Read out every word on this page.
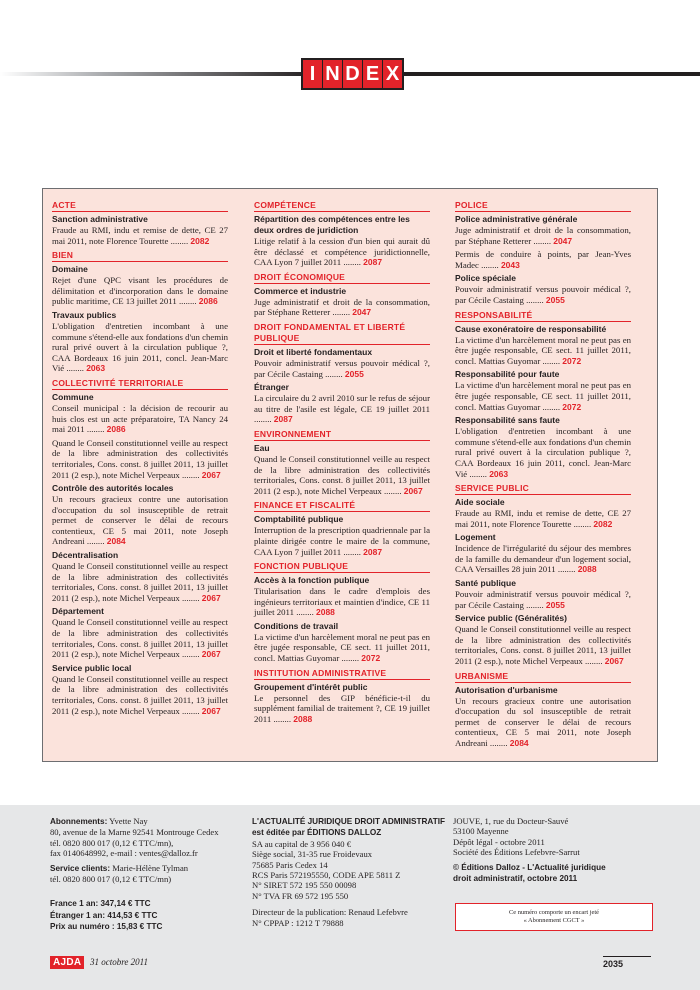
I N D E X
ACTE
Sanction administrative
Fraude au RMI, indu et remise de dette, CE 27 mai 2011, note Florence Tourette ........ 2082
BIEN
Domaine
Rejet d'une QPC visant les procédures de délimitation et d'incorporation dans le domaine public maritime, CE 13 juillet 2011 ........ 2086
Travaux publics
L'obligation d'entretien incombant à une commune s'étend-elle aux fondations d'un chemin rural privé ouvert à la circulation publique ?, CAA Bordeaux 16 juin 2011, concl. Jean-Marc Vié ........ 2063
COLLECTIVITÉ TERRITORIALE
Commune
Conseil municipal : la décision de recourir au huis clos est un acte préparatoire, TA Nancy 24 mai 2011 ........ 2086
Quand le Conseil constitutionnel veille au respect de la libre administration des collectivités territoriales, Cons. const. 8 juillet 2011, 13 juillet 2011 (2 esp.), note Michel Verpeaux ........ 2067
Contrôle des autorités locales
Un recours gracieux contre une autorisation d'occupation du sol insusceptible de retrait permet de conserver le délai de recours contentieux, CE 5 mai 2011, note Joseph Andreani ........ 2084
Décentralisation
Quand le Conseil constitutionnel veille au respect de la libre administration des collectivités territoriales, Cons. const. 8 juillet 2011, 13 juillet 2011 (2 esp.), note Michel Verpeaux ........ 2067
Département
Quand le Conseil constitutionnel veille au respect de la libre administration des collectivités territoriales, Cons. const. 8 juillet 2011, 13 juillet 2011 (2 esp.), note Michel Verpeaux ........ 2067
Service public local
Quand le Conseil constitutionnel veille au respect de la libre administration des collectivités territoriales, Cons. const. 8 juillet 2011, 13 juillet 2011 (2 esp.), note Michel Verpeaux ........ 2067
COMPÉTENCE
Répartition des compétences entre les deux ordres de juridiction
Litige relatif à la cession d'un bien qui aurait dû être déclassé et compétence juridictionnelle, CAA Lyon 7 juillet 2011 ........ 2087
DROIT ÉCONOMIQUE
Commerce et industrie
Juge administratif et droit de la consommation, par Stéphane Retterer ........ 2047
DROIT FONDAMENTAL ET LIBERTÉ PUBLIQUE
Droit et liberté fondamentaux
Pouvoir administratif versus pouvoir médical ?, par Cécile Castaing ........ 2055
Étranger
La circulaire du 2 avril 2010 sur le refus de séjour au titre de l'asile est légale, CE 19 juillet 2011 ........ 2087
ENVIRONNEMENT
Eau
Quand le Conseil constitutionnel veille au respect de la libre administration des collectivités territoriales, Cons. const. 8 juillet 2011, 13 juillet 2011 (2 esp.), note Michel Verpeaux ........ 2067
FINANCE ET FISCALITÉ
Comptabilité publique
Interruption de la prescription quadriennale par la plainte dirigée contre le maire de la commune, CAA Lyon 7 juillet 2011 ........ 2087
FONCTION PUBLIQUE
Accès à la fonction publique
Titularisation dans le cadre d'emplois des ingénieurs territoriaux et maintien d'indice, CE 11 juillet 2011 ........ 2088
Conditions de travail
La victime d'un harcèlement moral ne peut pas en être jugée responsable, CE sect. 11 juillet 2011, concl. Mattias Guyomar ........ 2072
INSTITUTION ADMINISTRATIVE
Groupement d'intérêt public
Le personnel des GIP bénéficie-t-il du supplément familial de traitement ?, CE 19 juillet 2011 ........ 2088
POLICE
Police administrative générale
Juge administratif et droit de la consommation, par Stéphane Retterer ........ 2047
Permis de conduire à points, par Jean-Yves Madec ........ 2043
Police spéciale
Pouvoir administratif versus pouvoir médical ?, par Cécile Castaing ........ 2055
RESPONSABILITÉ
Cause exonératoire de responsabilité
La victime d'un harcèlement moral ne peut pas en être jugée responsable, CE sect. 11 juillet 2011, concl. Mattias Guyomar ........ 2072
Responsabilité pour faute
La victime d'un harcèlement moral ne peut pas en être jugée responsable, CE sect. 11 juillet 2011, concl. Mattias Guyomar ........ 2072
Responsabilité sans faute
L'obligation d'entretien incombant à une commune s'étend-elle aux fondations d'un chemin rural privé ouvert à la circulation publique ?, CAA Bordeaux 16 juin 2011, concl. Jean-Marc Vié ........ 2063
SERVICE PUBLIC
Aide sociale
Fraude au RMI, indu et remise de dette, CE 27 mai 2011, note Florence Tourette ........ 2082
Logement
Incidence de l'irrégularité du séjour des membres de la famille du demandeur d'un logement social, CAA Versailles 28 juin 2011 ........ 2088
Santé publique
Pouvoir administratif versus pouvoir médical ?, par Cécile Castaing ........ 2055
Service public (Généralités)
Quand le Conseil constitutionnel veille au respect de la libre administration des collectivités territoriales, Cons. const. 8 juillet 2011, 13 juillet 2011 (2 esp.), note Michel Verpeaux ........ 2067
URBANISME
Autorisation d'urbanisme
Un recours gracieux contre une autorisation d'occupation du sol insusceptible de retrait permet de conserver le délai de recours contentieux, CE 5 mai 2011, note Joseph Andreani ........ 2084
Abonnements: Yvette Nay
80, avenue de la Marne 92541 Montrouge Cedex
tél. 0820 800 017 (0,12 € TTC/mn),
fax 0140648992, e-mail : ventes@dalloz.fr
Service clients: Marie-Hélène Tylman
tél. 0820 800 017 (0,12 € TTC/mn)
France 1 an: 347,14 € TTC
Étranger 1 an: 414,53 € TTC
Prix au numéro : 15,83 € TTC
L'ACTUALITÉ JURIDIQUE DROIT ADMINISTRATIF
est éditée par ÉDITIONS DALLOZ
SA au capital de 3 956 040 €
Siège social, 31-35 rue Froidevaux
75685 Paris Cedex 14
RCS Paris 572195550, CODE APE 5811 Z
N° SIRET 572 195 550 00098
N° TVA FR 69 572 195 550
Directeur de la publication: Renaud Lefebvre
N° CPPAP : 1212 T 79888
JOUVE, 1, rue du Docteur-Sauvé
53100 Mayenne
Dépôt légal - octobre 2011
Société des Éditions Lefebvre-Sarrut
© Éditions Dalloz - L'Actualité juridique
droit administratif, octobre 2011
Ce numéro comporte un encart jeté
« Abonnement CGCT »
AJDA 31 octobre 2011	2035
